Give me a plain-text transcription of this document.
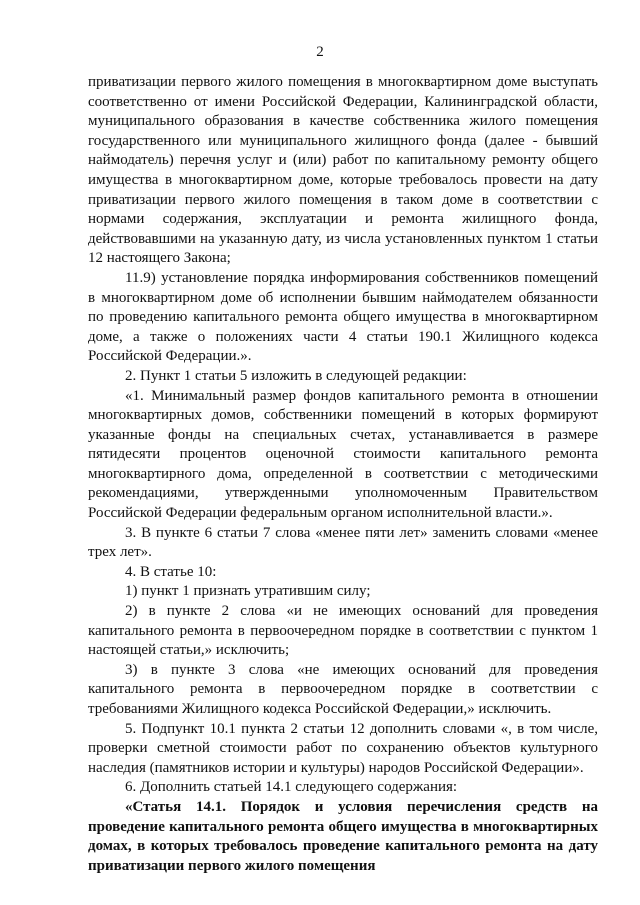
2

приватизации первого жилого помещения в многоквартирном доме выступать соответственно от имени Российской Федерации, Калининградской области, муниципального образования в качестве собственника жилого помещения государственного или муниципального жилищного фонда (далее - бывший наймодатель) перечня услуг и (или) работ по капитальному ремонту общего имущества в многоквартирном доме, которые требовалось провести на дату приватизации первого жилого помещения в таком доме в соответствии с нормами содержания, эксплуатации и ремонта жилищного фонда, действовавшими на указанную дату, из числа установленных пунктом 1 статьи 12 настоящего Закона;

11.9) установление порядка информирования собственников помещений в многоквартирном доме об исполнении бывшим наймодателем обязанности по проведению капитального ремонта общего имущества в многоквартирном доме, а также о положениях части 4 статьи 190.1 Жилищного кодекса Российской Федерации.».

2. Пункт 1 статьи 5 изложить в следующей редакции:

«1. Минимальный размер фондов капитального ремонта в отношении многоквартирных домов, собственники помещений в которых формируют указанные фонды на специальных счетах, устанавливается в размере пятидесяти процентов оценочной стоимости капитального ремонта многоквартирного дома, определенной в соответствии с методическими рекомендациями, утвержденными уполномоченным Правительством Российской Федерации федеральным органом исполнительной власти.».

3. В пункте 6 статьи 7 слова «менее пяти лет» заменить словами «менее трех лет».

4. В статье 10:

1) пункт 1 признать утратившим силу;

2) в пункте 2 слова «и не имеющих оснований для проведения капитального ремонта в первоочередном порядке в соответствии с пунктом 1 настоящей статьи,» исключить;

3) в пункте 3 слова «не имеющих оснований для проведения капитального ремонта в первоочередном порядке в соответствии с требованиями Жилищного кодекса Российской Федерации,» исключить.

5. Подпункт 10.1 пункта 2 статьи 12 дополнить словами «, в том числе, проверки сметной стоимости работ по сохранению объектов культурного наследия (памятников истории и культуры) народов Российской Федерации».

6. Дополнить статьей 14.1 следующего содержания:

«Статья 14.1. Порядок и условия перечисления средств на проведение капитального ремонта общего имущества в многоквартирных домах, в которых требовалось проведение капитального ремонта на дату приватизации первого жилого помещения
